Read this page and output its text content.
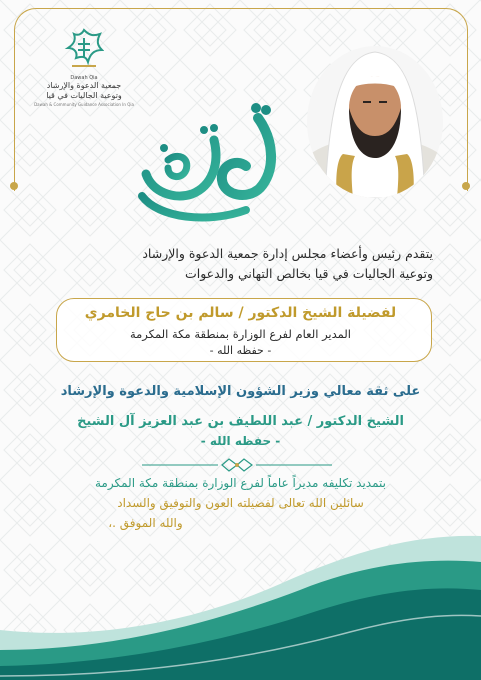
Dawah Qia
جمعية الدعوة والإرشاد
وتوعية الجاليات في قيا
Dawah & Community Guidance Association In Qia
تهنئة
يتقدم رئيس وأعضاء مجلس إدارة جمعية الدعوة والإرشاد
وتوعية الجاليات في قيا بخالص التهاني والدعوات
لفضيلة الشيخ الدكتور / سالم بن حاج الخامري
المدير العام لفرع الوزارة بمنطقة مكة المكرمة
- حفظه الله -
على ثقة معالي وزير الشؤون الإسلامية والدعوة والإرشاد
الشيخ الدكتور / عبد اللطيف بن عبد العزيز آل الشيخ
- حفظه الله -
بتمديد تكليفه مديراً عاماً لفرع الوزارة بمنطقة مكة المكرمة
سائلين الله تعالى لفضيلته العون والتوفيق والسداد
والله الموفق .،
